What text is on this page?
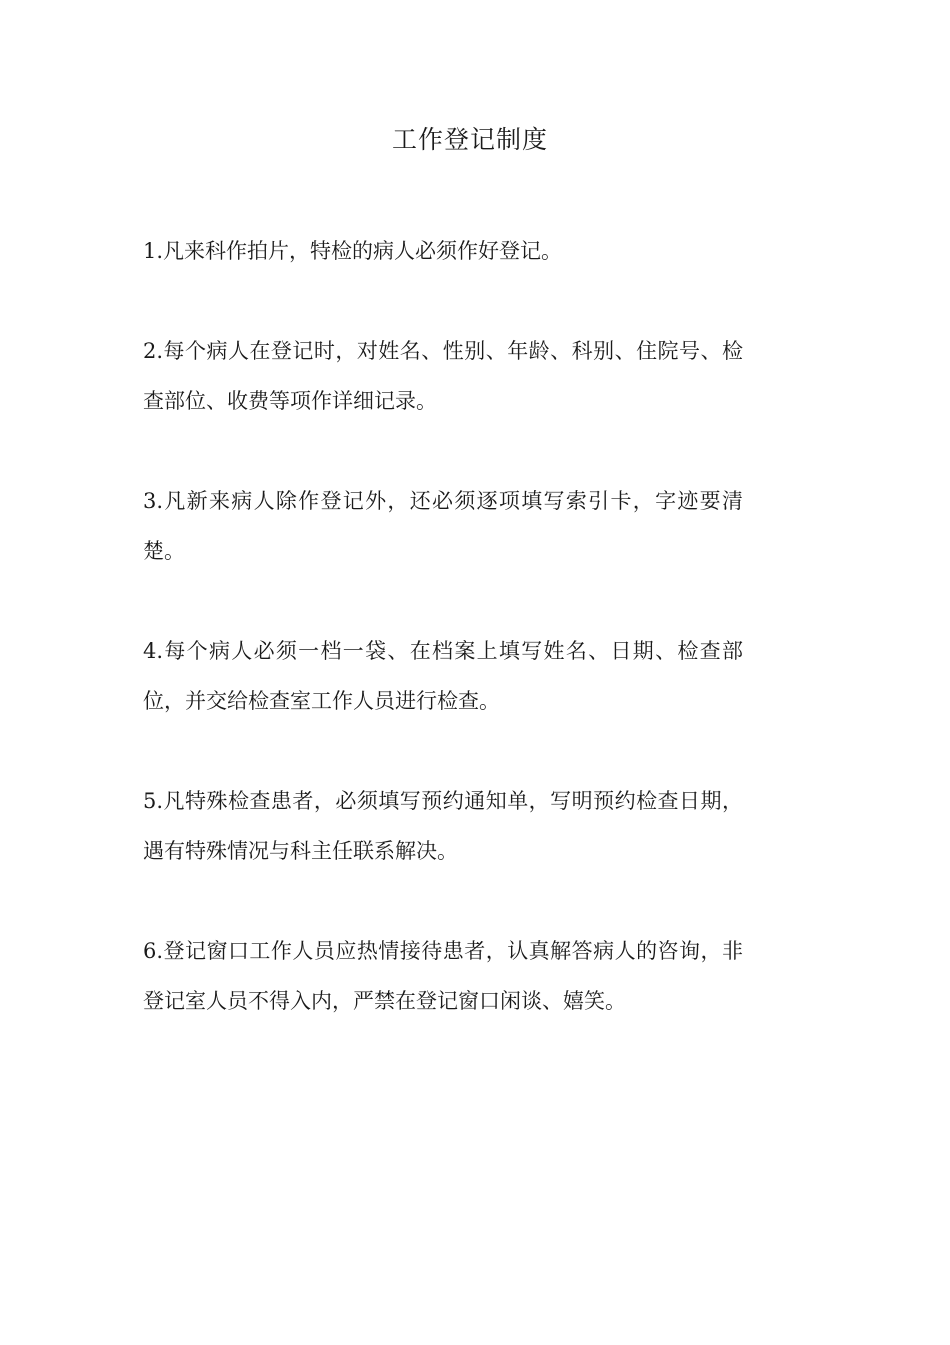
工作登记制度
1.凡来科作拍片，特检的病人必须作好登记。
2.每个病人在登记时，对姓名、性别、年龄、科别、住院号、检查部位、收费等项作详细记录。
3.凡新来病人除作登记外，还必须逐项填写索引卡，字迹要清楚。
4.每个病人必须一档一袋、在档案上填写姓名、日期、检查部位，并交给检查室工作人员进行检查。
5.凡特殊检查患者，必须填写预约通知单，写明预约检查日期，遇有特殊情况与科主任联系解决。
6.登记窗口工作人员应热情接待患者，认真解答病人的咨询，非登记室人员不得入内，严禁在登记窗口闲谈、嬉笑。
